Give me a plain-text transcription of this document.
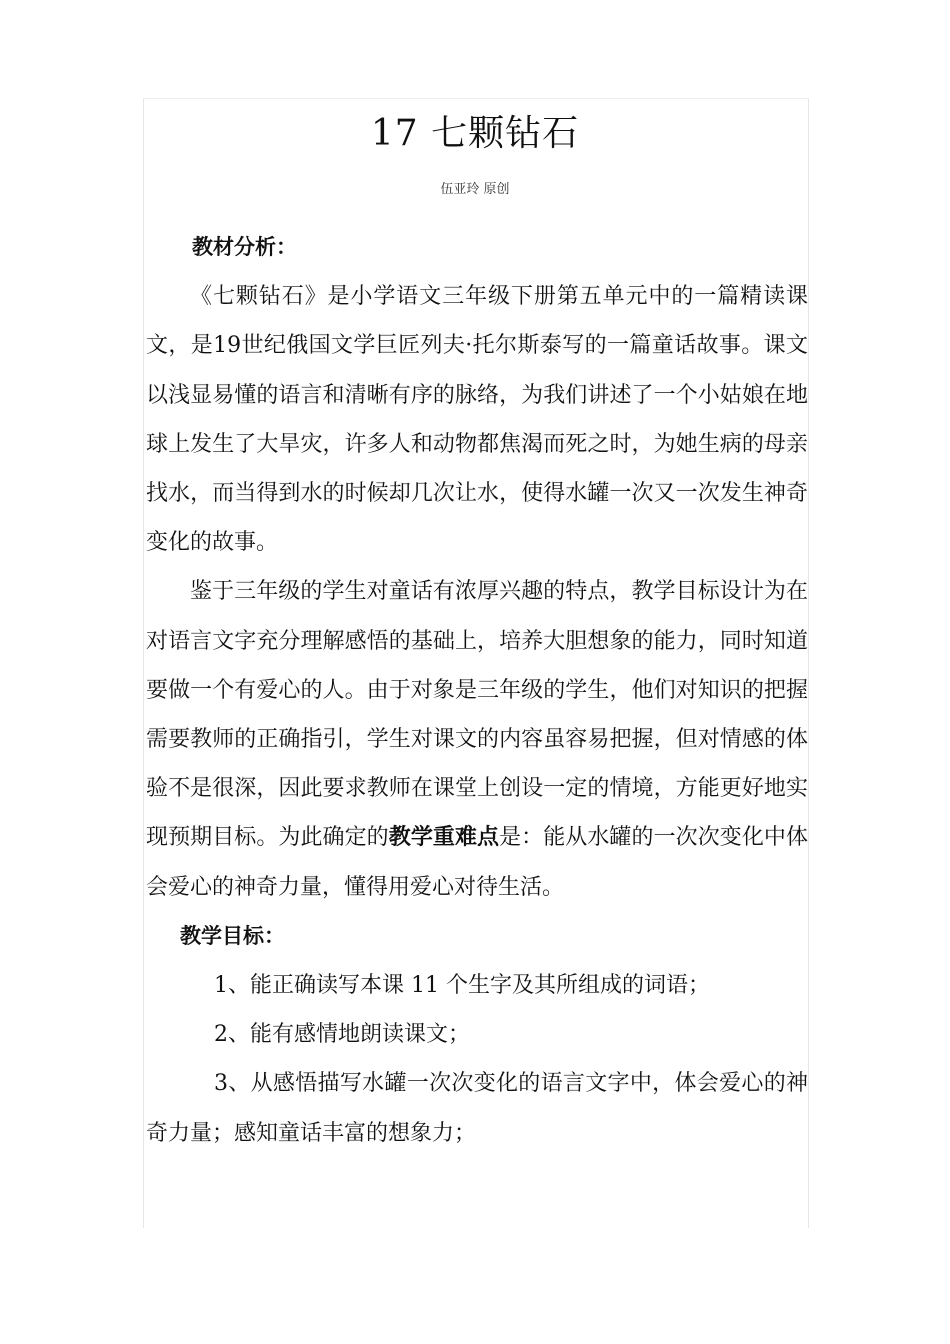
17 七颗钻石
伍亚玲 原创

教材分析：

《七颗钻石》是小学语文三年级下册第五单元中的一篇精读课文，是19世纪俄国文学巨匠列夫·托尔斯泰写的一篇童话故事。课文以浅显易懂的语言和清晰有序的脉络，为我们讲述了一个小姑娘在地球上发生了大旱灾，许多人和动物都焦渴而死之时，为她生病的母亲找水，而当得到水的时候却几次让水，使得水罐一次又一次发生神奇变化的故事。

鉴于三年级的学生对童话有浓厚兴趣的特点，教学目标设计为在对语言文字充分理解感悟的基础上，培养大胆想象的能力，同时知道要做一个有爱心的人。由于对象是三年级的学生，他们对知识的把握需要教师的正确指引，学生对课文的内容虽容易把握，但对情感的体验不是很深，因此要求教师在课堂上创设一定的情境，方能更好地实现预期目标。为此确定的教学重难点是：能从水罐的一次次变化中体会爱心的神奇力量，懂得用爱心对待生活。

教学目标：

1、能正确读写本课 11 个生字及其所组成的词语；

2、能有感情地朗读课文；

3、从感悟描写水罐一次次变化的语言文字中，体会爱心的神奇力量；感知童话丰富的想象力；
